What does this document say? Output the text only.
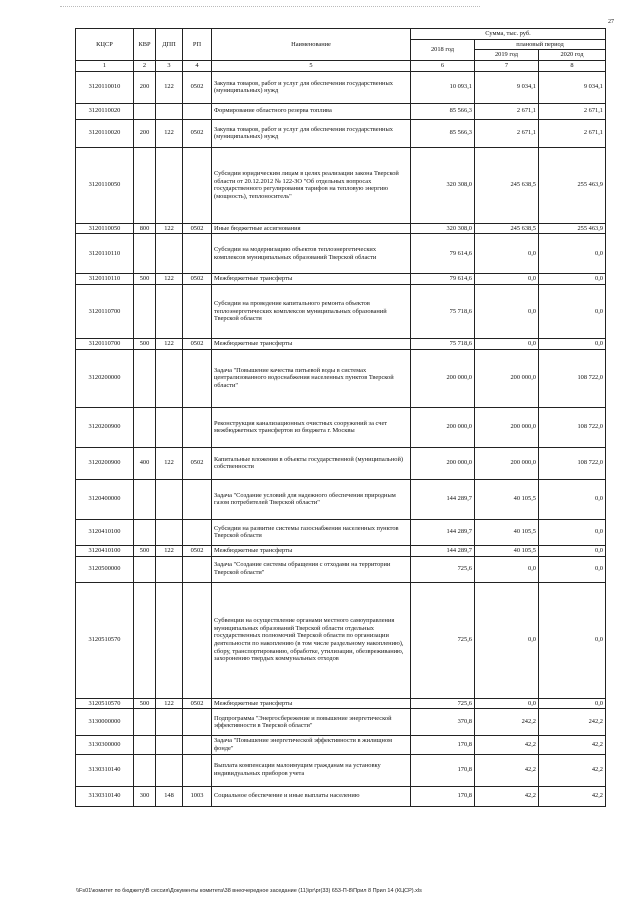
27
КЦСР	КВР	ДПП	РП	Наименование	Сумма, тыс. руб.		
					2018 год	плановый период	
						2019 год	2020 год
1	2	3	4	5	6	7	8
3120110010	200	122	0502	Закупка товаров, работ и услуг для обеспечения государственных (муниципальных) нужд	10 093,1	9 034,1	9 034,1
3120110020				Формирование областного резерва топлива	85 566,3	2 671,1	2 671,1
3120110020	200	122	0502	Закупка товаров, работ и услуг для обеспечения государственных (муниципальных) нужд	85 566,3	2 671,1	2 671,1
3120110050				Субсидии юридическим лицам в целях реализации закона Тверской области от 20.12.2012 № 122-ЗО "Об отдельных вопросах государственного регулирования тарифов на тепловую энергию (мощность), теплоноситель"	320 308,0	245 638,5	255 463,9
3120110050	800	122	0502	Иные бюджетные ассигнования	320 308,0	245 638,5	255 463,9
3120110110				Субсидии на модернизацию объектов теплоэнергетических комплексов муниципальных образований Тверской области	79 614,6	0,0	0,0
3120110110	500	122	0502	Межбюджетные трансферты	79 614,6	0,0	0,0
3120110700				Субсидии на проведение капитального ремонта объектов теплоэнергетических комплексов муниципальных образований Тверской области	75 718,6	0,0	0,0
3120110700	500	122	0502	Межбюджетные трансферты	75 718,6	0,0	0,0
3120200000				Задача "Повышение качества питьевой воды в системах централизованного водоснабжения населенных пунктов Тверской области"	200 000,0	200 000,0	108 722,0
3120200900				Реконструкция канализационных очистных сооружений за счет межбюджетных трансфертов из бюджета г. Москвы	200 000,0	200 000,0	108 722,0
3120200900	400	122	0502	Капитальные вложения в объекты государственной (муниципальной) собственности	200 000,0	200 000,0	108 722,0
3120400000				Задача "Создание условий для надежного обеспечения природным газом потребителей Тверской области"	144 289,7	40 105,5	0,0
3120410100				Субсидии на развитие системы газоснабжения населенных пунктов Тверской области	144 289,7	40 105,5	0,0
3120410100	500	122	0502	Межбюджетные трансферты	144 289,7	40 105,5	0,0
3120500000				Задача "Создание системы обращения с отходами на территории Тверской области"	725,6	0,0	0,0
3120510570				Субвенции на осуществление органами местного самоуправления муниципальных образований Тверской области отдельных государственных полномочий Тверской области по организации деятельности по накоплению (в том числе раздельному накоплению), сбору, транспортированию, обработке, утилизации, обезвреживанию, захоронению твердых коммунальных отходов	725,6	0,0	0,0
3120510570	500	122	0502	Межбюджетные трансферты	725,6	0,0	0,0
3130000000				Подпрограмма "Энергосбережение и повышение энергетической эффективности в Тверской области"	370,8	242,2	242,2
3130300000				Задача "Повышение энергетической эффективности в жилищном фонде"	170,8	42,2	42,2
3130310140				Выплата компенсации малоимущим гражданам на установку индивидуальных приборов учета	170,8	42,2	42,2
3130310140	300	148	1003	Социальное обеспечение и иные выплаты населению	170,8	42,2	42,2
\\Fs01\комитет по бюджету\В сессия\Документы комитета\38 внеочередное заседание (11)\pr\pr(33) 653-П-8\Прил 8 Прил 14 (КЦСР).xls
